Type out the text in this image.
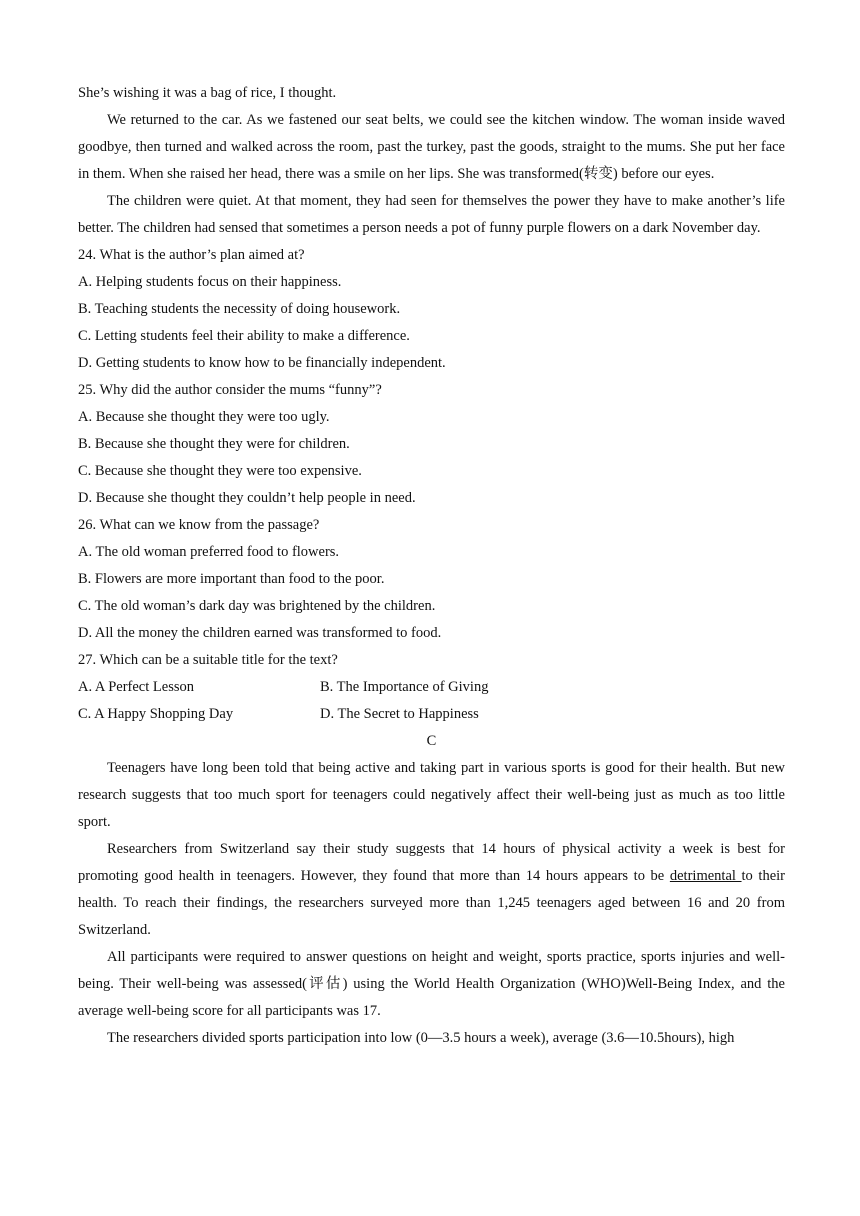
She’s wishing it was a bag of rice, I thought.

We returned to the car. As we fastened our seat belts, we could see the kitchen window. The woman inside waved goodbye, then turned and walked across the room, past the turkey, past the goods, straight to the mums. She put her face in them. When she raised her head, there was a smile on her lips. She was transformed(转变) before our eyes.

The children were quiet. At that moment, they had seen for themselves the power they have to make another’s life better. The children had sensed that sometimes a person needs a pot of funny purple flowers on a dark November day.

24. What is the author’s plan aimed at?

A. Helping students focus on their happiness.

B. Teaching students the necessity of doing housework.

C. Letting students feel their ability to make a difference.

D. Getting students to know how to be financially independent.

25. Why did the author consider the mums “funny”?

A. Because she thought they were too ugly.

B. Because she thought they were for children.

C. Because she thought they were too expensive.

D. Because she thought they couldn’t help people in need.

26. What can we know from the passage?

A. The old woman preferred food to flowers.

B. Flowers are more important than food to the poor.

C. The old woman’s dark day was brightened by the children.

D. All the money the children earned was transformed to food.

27. Which can be a suitable title for the text?

A. A Perfect Lesson	B. The Importance of Giving
C. A Happy Shopping Day	D. The Secret to Happiness

C

Teenagers have long been told that being active and taking part in various sports is good for their health. But new research suggests that too much sport for teenagers could negatively affect their well-being just as much as too little sport.

Researchers from Switzerland say their study suggests that 14 hours of physical activity a week is best for promoting good health in teenagers. However, they found that more than 14 hours appears to be detrimental to their health. To reach their findings, the researchers surveyed more than 1,245 teenagers aged between 16 and 20 from Switzerland.

All participants were required to answer questions on height and weight, sports practice, sports injuries and well-being. Their well-being was assessed(评估) using the World Health Organization (WHO)Well-Being Index, and the average well-being score for all participants was 17.

The researchers divided sports participation into low (0—3.5 hours a week), average (3.6—10.5hours), high
